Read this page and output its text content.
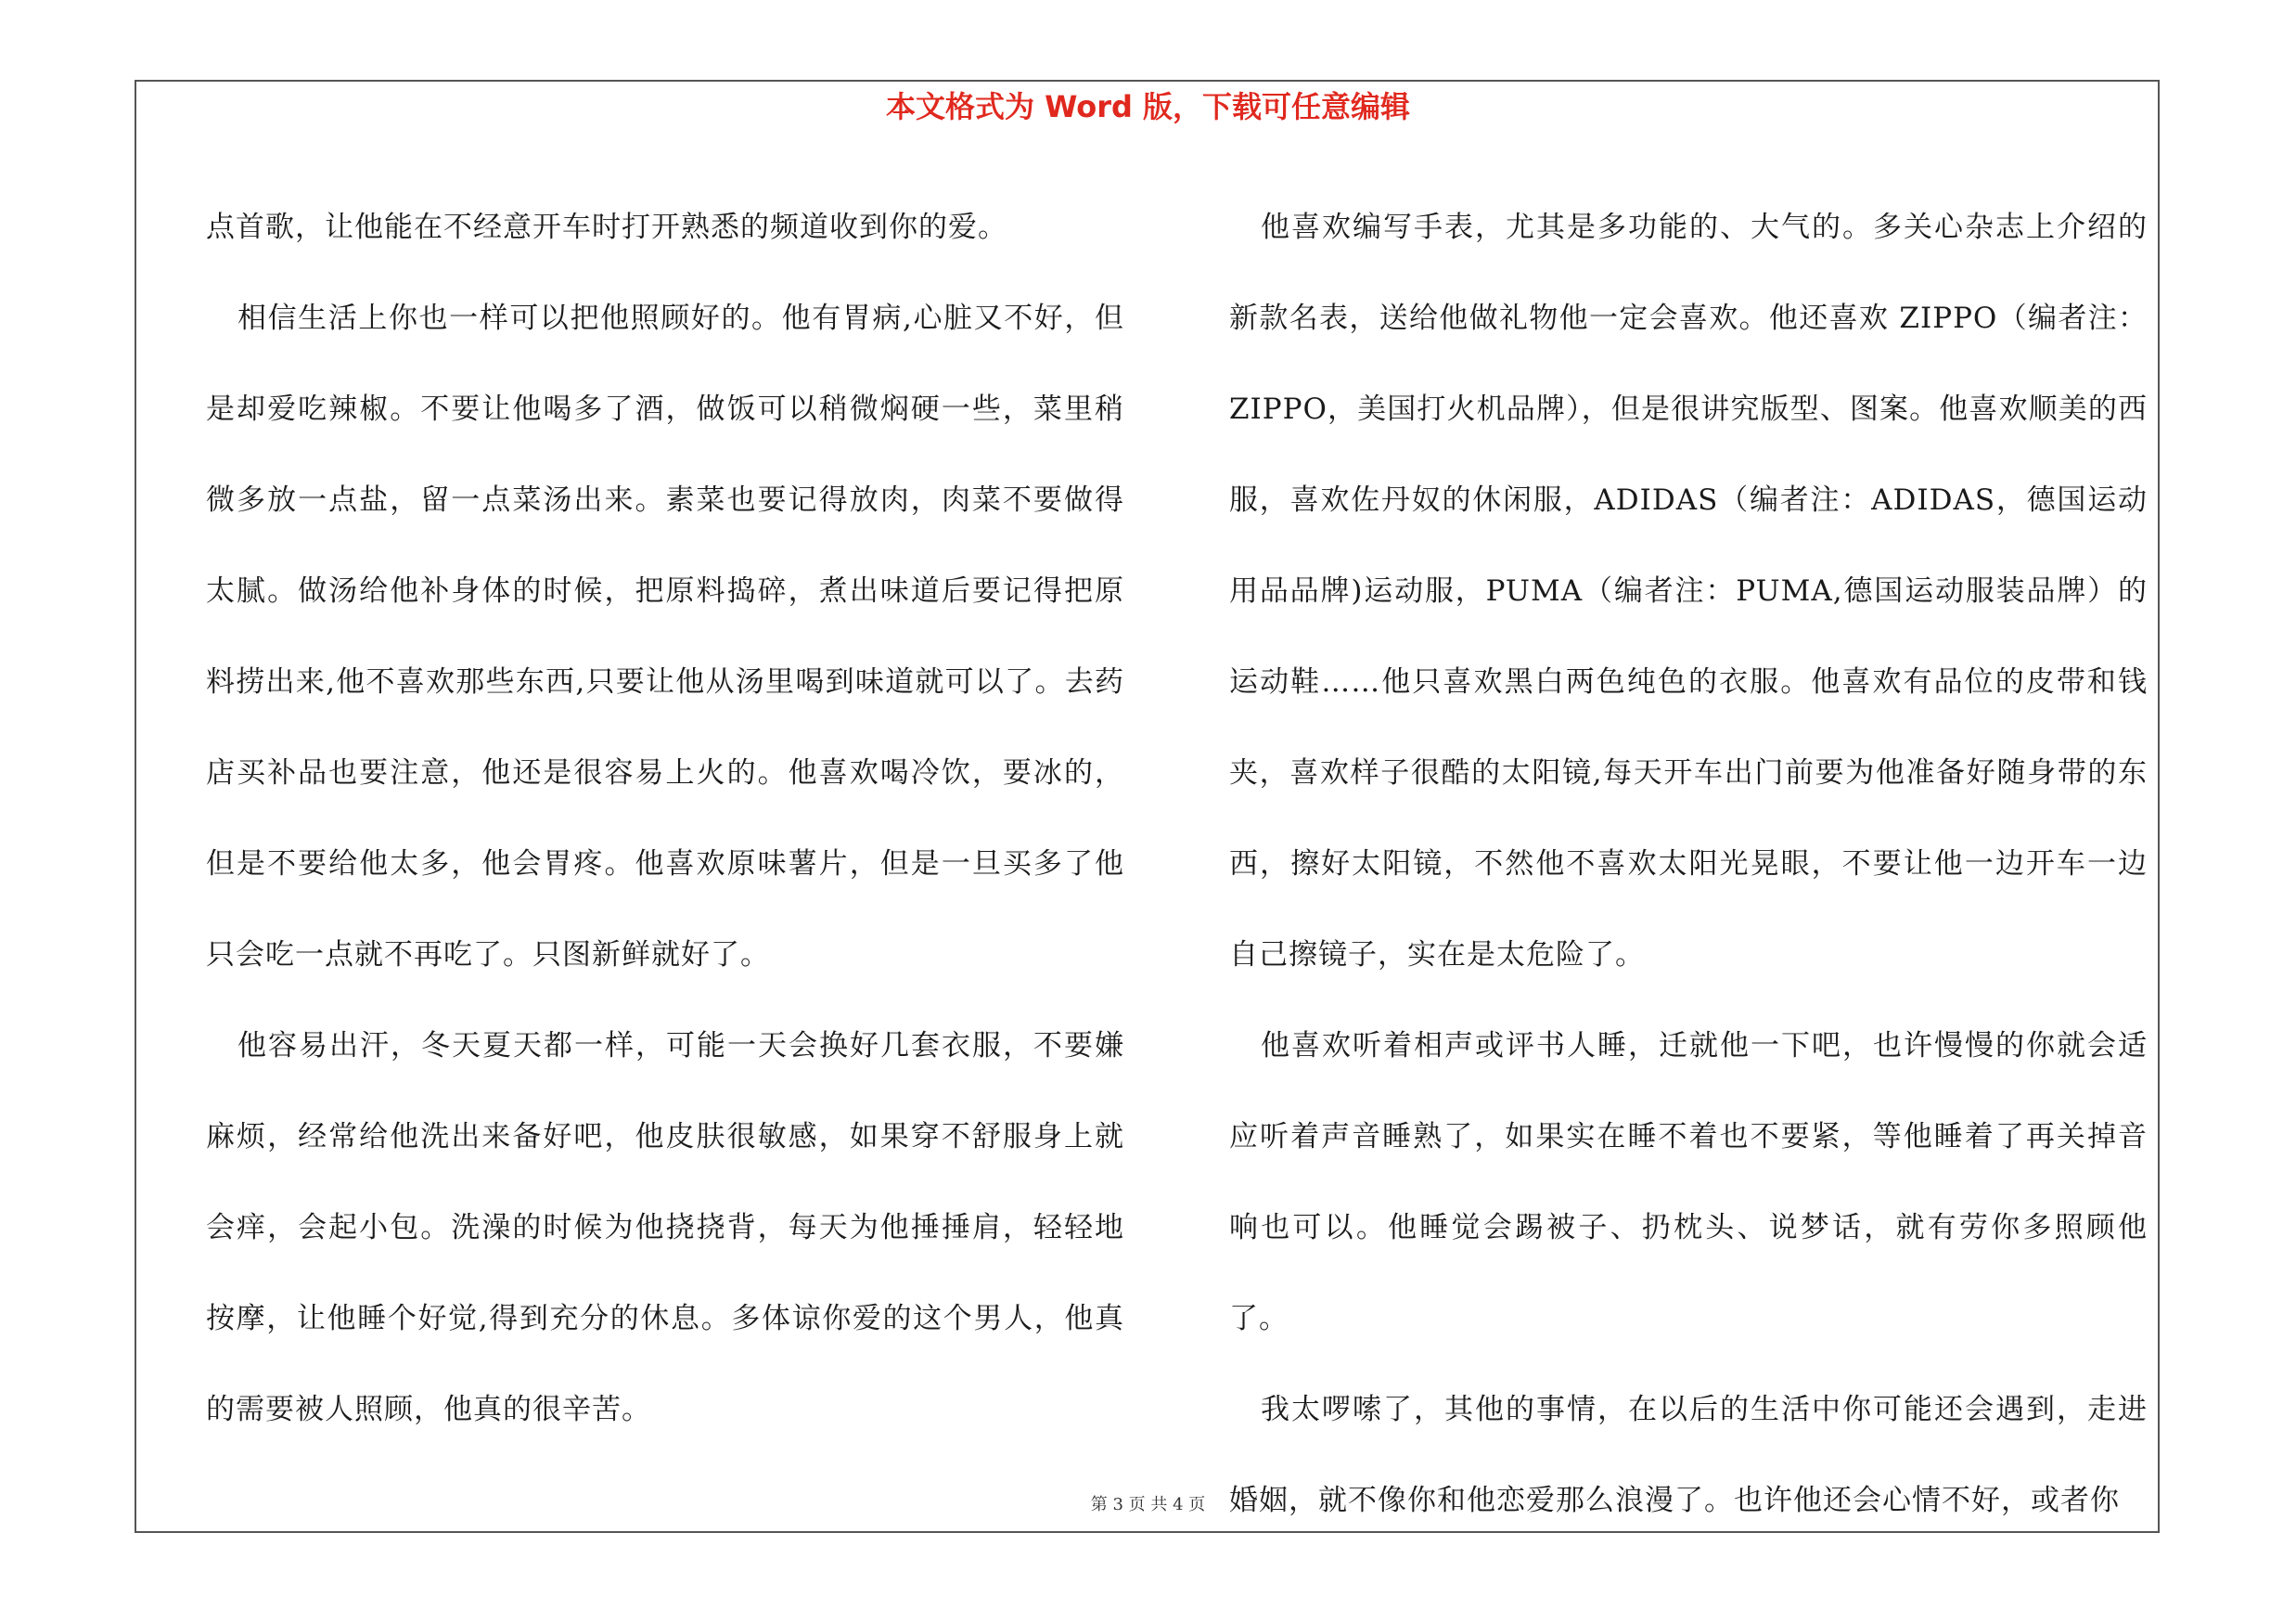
本文格式为 Word 版，下载可任意编辑

点首歌，让他能在不经意开车时打开熟悉的频道收到你的爱。

相信生活上你也一样可以把他照顾好的。他有胃病,心脏又不好，但是却爱吃辣椒。不要让他喝多了酒，做饭可以稍微焖硬一些，菜里稍微多放一点盐，留一点菜汤出来。素菜也要记得放肉，肉菜不要做得太腻。做汤给他补身体的时候，把原料捣碎，煮出味道后要记得把原料捞出来,他不喜欢那些东西,只要让他从汤里喝到味道就可以了。去药店买补品也要注意，他还是很容易上火的。他喜欢喝冷饮，要冰的，但是不要给他太多，他会胃疼。他喜欢原味薯片，但是一旦买多了他只会吃一点就不再吃了。只图新鲜就好了。

他容易出汗，冬天夏天都一样，可能一天会换好几套衣服，不要嫌麻烦，经常给他洗出来备好吧，他皮肤很敏感，如果穿不舒服身上就会痒，会起小包。洗澡的时候为他挠挠背，每天为他捶捶肩，轻轻地按摩，让他睡个好觉,得到充分的休息。多体谅你爱的这个男人，他真的需要被人照顾，他真的很辛苦。

他喜欢编写手表，尤其是多功能的、大气的。多关心杂志上介绍的新款名表，送给他做礼物他一定会喜欢。他还喜欢 ZIPPO（编者注：ZIPPO，美国打火机品牌），但是很讲究版型、图案。他喜欢顺美的西服，喜欢佐丹奴的休闲服，ADIDAS（编者注：ADIDAS，德国运动用品品牌)运动服，PUMA（编者注：PUMA,德国运动服装品牌）的运动鞋……他只喜欢黑白两色纯色的衣服。他喜欢有品位的皮带和钱夹，喜欢样子很酷的太阳镜,每天开车出门前要为他准备好随身带的东西，擦好太阳镜，不然他不喜欢太阳光晃眼，不要让他一边开车一边自己擦镜子，实在是太危险了。

他喜欢听着相声或评书人睡，迁就他一下吧，也许慢慢的你就会适应听着声音睡熟了，如果实在睡不着也不要紧，等他睡着了再关掉音响也可以。他睡觉会踢被子、扔枕头、说梦话，就有劳你多照顾他了。

我太啰嗦了，其他的事情，在以后的生活中你可能还会遇到，走进婚姻，就不像你和他恋爱那么浪漫了。也许他还会心情不好，或者你

第 3 页 共 4 页
